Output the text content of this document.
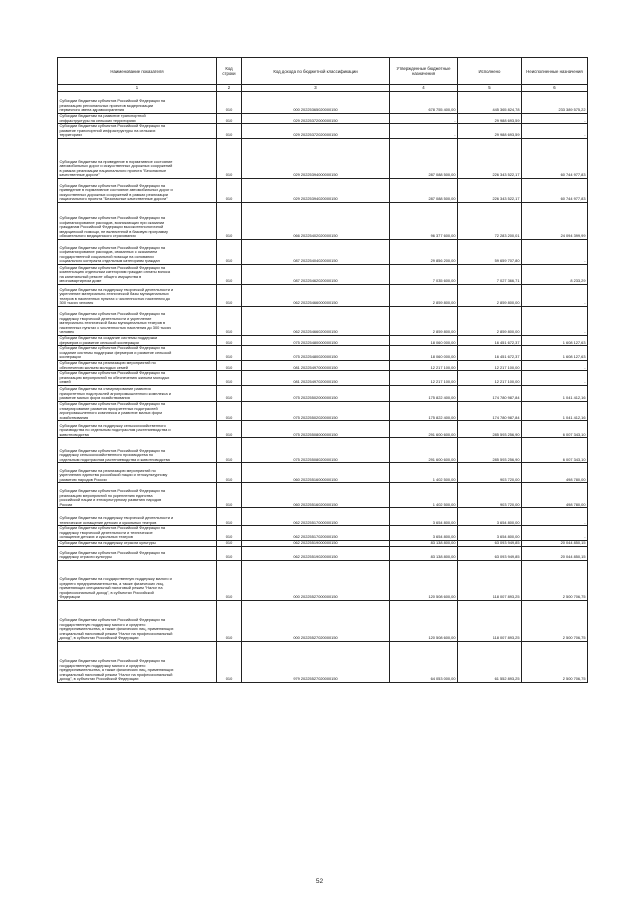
Наименование показателя	Код строки	Код дохода по бюджетной классификации	Утвержденные бюджетные назначения	Исполнено	Неисполненные назначения
1	2	3	4	5	6
Субсидии бюджетам субъектов Российской Федерации на
реализацию региональных проектов модернизации
первичного звена здравоохранения	010	000 20225365020000150	678 755 400,00	445 365 824,78	233 389 575,22
Субсидии бюджетам на развитие транспортной
инфраструктуры на сельских территориях	010	029 20225372000000150	-	29 988 693,59	-
Субсидии бюджетам субъектов Российской Федерации на
развитие транспортной инфраструктуры на сельских
территориях	010	029 20225372020000150	-	29 988 693,59	-
Субсидии бюджетам на приведение в нормативное состояние
автомобильных дорог и искусственных дорожных сооружений
в рамках реализации национального проекта "Безопасные
качественные дороги"	010	029 20225394000000150	287 088 500,00	226 343 522,17	60 744 977,83
Субсидии бюджетам субъектов Российской Федерации на
приведение в нормативное состояние автомобильных дорог и
искусственных дорожных сооружений в рамках реализации
национального проекта "Безопасные качественные дороги"	010	029 20225394020000150	287 088 500,00	226 343 522,17	60 744 977,83
Субсидии бюджетам субъектов Российской Федерации на
софинансирование расходов, возникающих при оказании
гражданам Российской Федерации высокотехнологичной
медицинской помощи, не включенной в базовую программу
обязательного медицинского страхования	010	066 20225402020000150	96 377 600,00	72 283 200,01	24 094 399,99
Субсидии бюджетам субъектов Российской Федерации на
софинансирование расходов, связанных с оказанием
государственной социальной помощи на основании
социального контракта отдельным категориям граждан	010	087 20225404020000150	29 856 200,00	59 659 707,80	-
Субсидии бюджетам субъектов Российской Федерации на
компенсацию отдельным категориям граждан оплаты взноса
на капитальный ремонт общего имущества в
многоквартирном доме	010	087 20225462020000150	7 035 600,00	7 027 366,71	8 233,29
Субсидии бюджетам на поддержку творческой деятельности и
укрепление материально-технической базы муниципальных
театров в населенных пунктах с численностью населения до
300 тысяч человек	010	062 20225466000000150	2 859 800,00	2 859 800,00	-
Субсидии бюджетам субъектов Российской Федерации на
поддержку творческой деятельности и укрепление
материально-технической базы муниципальных театров в
населенных пунктах с численностью населения до 300 тысяч
человек	010	062 20225466020000150	2 859 800,00	2 859 800,00	-
Субсидии бюджетам на создание системы поддержки
фермеров и развитие сельской кооперации	010	075 20225480000000150	18 060 000,00	16 451 672,37	1 608 127,63
Субсидии бюджетам субъектов Российской Федерации на
создание системы поддержки фермеров и развитие сельской
кооперации	010	075 20225480020000150	18 060 000,00	16 451 672,37	1 608 127,63
Субсидии бюджетам на реализацию мероприятий по
обеспечению жильем молодых семей	010	081 20225497000000150	12 217 100,00	12 217 100,00	-
Субсидии бюджетам субъектов Российской Федерации на
реализацию мероприятий по обеспечению жильем молодых
семей	010	081 20225497020000150	12 217 100,00	12 217 100,00	-
Субсидии бюджетам на стимулирование развития
приоритетных подотраслей агропромышленного комплекса и
развитие малых форм хозяйствования	010	075 20225502000000150	175 822 400,00	174 780 987,84	1 041 412,16
Субсидии бюджетам субъектов Российской Федерации на
стимулирование развития приоритетных подотраслей
агропромышленного комплекса и развитие малых форм
хозяйствования	010	075 20225502020000150	175 822 400,00	174 780 987,84	1 041 412,16
Субсидии бюджетам на поддержку сельскохозяйственного
производства по отдельным подотраслям растениеводства и
животноводства	010	075 20225508000000150	291 600 600,00	285 593 256,90	6 007 343,10
Субсидии бюджетам субъектов Российской Федерации на
поддержку сельскохозяйственного производства по
отдельным подотраслям растениеводства и животноводства	010	075 20225508020000150	291 600 600,00	285 593 256,90	6 007 343,10
Субсидии бюджетам на реализацию мероприятий по
укреплению единства российской нации и этнокультурному
развитию народов России	010	060 20225516000000150	1 402 500,00	903 720,00	498 780,00
Субсидии бюджетам субъектов Российской Федерации на
реализацию мероприятий по укреплению единства
российской нации и этнокультурному развитию народов
России	010	060 20225516020000150	1 402 500,00	903 720,00	498 780,00
Субсидии бюджетам на поддержку творческой деятельности и
техническое оснащение детских и кукольных театров	010	062 20225517000000150	3 654 800,00	3 654 800,00	-
Субсидии бюджетам субъектов Российской Федерации на
поддержку творческой деятельности и техническое
оснащение детских и кукольных театров	010	062 20225517020000150	3 654 800,00	3 654 800,00	-
Субсидии бюджетам на поддержку отрасли культуры	010	062 20225519000000150	83 138 800,00	63 093 949,85	20 044 850,15
Субсидии бюджетам субъектов Российской Федерации на
поддержку отрасли культуры	010	062 20225519020000150	83 138 800,00	63 093 949,85	20 044 850,15
Субсидии бюджетам на государственную поддержку малого и
среднего предпринимательства, а также физических лиц,
применяющих специальный налоговый режим "Налог на
профессиональный доход", в субъектах Российской
Федерации	010	000 20225527000000150	120 508 600,00	118 007 893,25	2 500 706,75
Субсидии бюджетам субъектов Российской Федерации на
государственную поддержку малого и среднего
предпринимательства, а также физических лиц, применяющих
специальный налоговый режим "Налог на профессиональный
доход", в субъектах Российской Федерации	010	000 20225527020000150	120 508 600,00	118 007 893,25	2 500 706,75
Субсидии бюджетам субъектов Российской Федерации на
государственную поддержку малого и среднего
предпринимательства, а также физических лиц, применяющих
специальный налоговый режим "Налог на профессиональный
доход", в субъектах Российской Федерации	010	979 20225527020000150	64 053 000,00	61 552 893,25	2 500 706,75
52
